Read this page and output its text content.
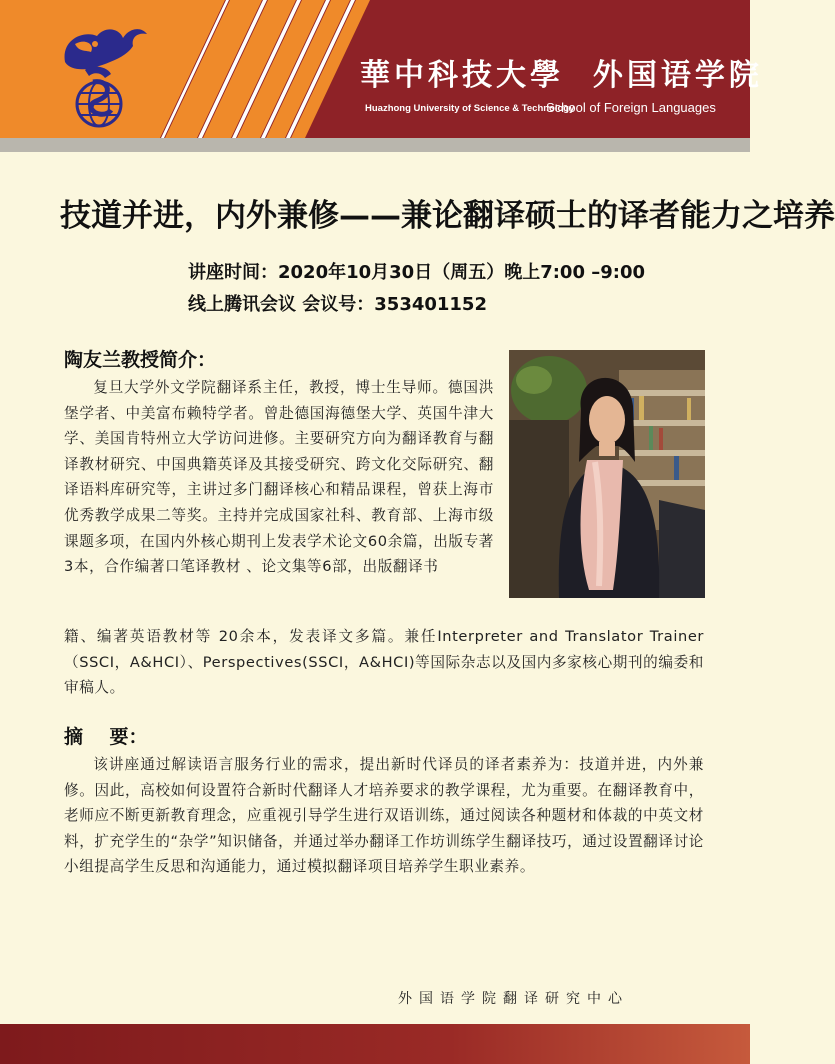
華中科技大學 外国语学院
Huazhong University of Science & Technology
School of Foreign Languages
技道并进，内外兼修——兼论翻译硕士的译者能力之培养
讲座时间：2020年10月30日（周五）晚上7:00 –9:00
线上腾讯会议 会议号：353401152
陶友兰教授简介：
复旦大学外文学院翻译系主任，教授，博士生导师。德国洪堡学者、中美富布赖特学者。曾赴德国海德堡大学、英国牛津大学、美国肯特州立大学访问进修。主要研究方向为翻译教育与翻译教材研究、中国典籍英译及其接受研究、跨文化交际研究、翻译语料库研究等，主讲过多门翻译核心和精品课程，曾获上海市优秀教学成果二等奖。主持并完成国家社科、教育部、上海市级课题多项，在国内外核心期刊上发表学术论文60余篇，出版专著3本，合作编著口笔译教材 、论文集等6部，出版翻译书
籍、编著英语教材等 20余本，发表译文多篇。兼任Interpreter and Translator Trainer（SSCI，A&HCI）、Perspectives(SSCI，A&HCI)等国际杂志以及国内多家核心期刊的编委和审稿人。
摘    要：
该讲座通过解读语言服务行业的需求，提出新时代译员的译者素养为：技道并进，内外兼修。因此，高校如何设置符合新时代翻译人才培养要求的教学课程，尤为重要。在翻译教育中，老师应不断更新教育理念，应重视引导学生进行双语训练，通过阅读各种题材和体裁的中英文材料，扩充学生的“杂学”知识储备，并通过举办翻译工作坊训练学生翻译技巧，通过设置翻译讨论小组提高学生反思和沟通能力，通过模拟翻译项目培养学生职业素养。
外国语学院翻译研究中心
